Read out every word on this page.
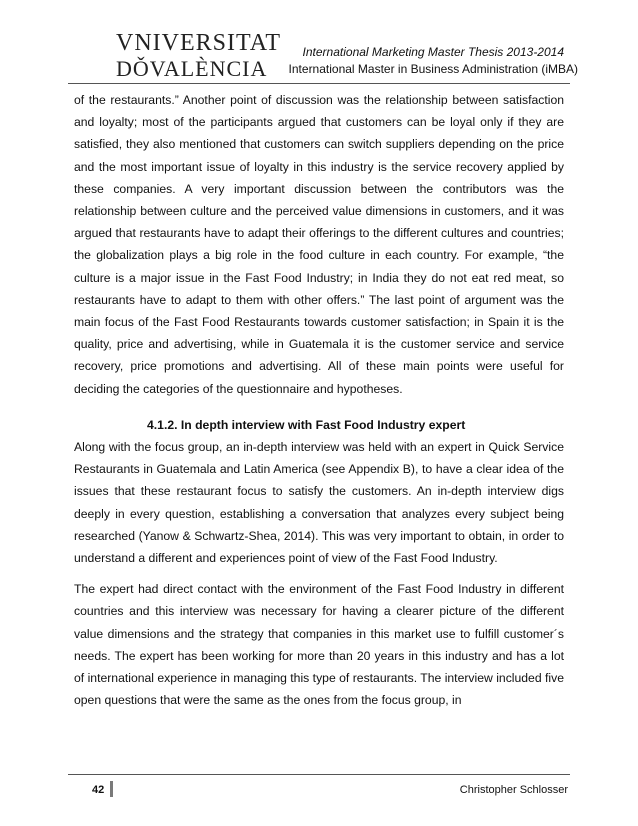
VNIVERSITAT
DǑVALÈNCIA
International Marketing Master Thesis 2013-2014
International Master in Business Administration (iMBA)

of the restaurants.” Another point of discussion was the relationship between satisfaction and loyalty; most of the participants argued that customers can be loyal only if they are satisfied, they also mentioned that customers can switch suppliers depending on the price and the most important issue of loyalty in this industry is the service recovery applied by these companies. A very important discussion between the contributors was the relationship between culture and the perceived value dimensions in customers, and it was argued that restaurants have to adapt their offerings to the different cultures and countries; the globalization plays a big role in the food culture in each country. For example, “the culture is a major issue in the Fast Food Industry; in India they do not eat red meat, so restaurants have to adapt to them with other offers.” The last point of argument was the main focus of the Fast Food Restaurants towards customer satisfaction; in Spain it is the quality, price and advertising, while in Guatemala it is the customer service and service recovery, price promotions and advertising. All of these main points were useful for deciding the categories of the questionnaire and hypotheses.

4.1.2. In depth interview with Fast Food Industry expert

Along with the focus group, an in-depth interview was held with an expert in Quick Service Restaurants in Guatemala and Latin America (see Appendix B), to have a clear idea of the issues that these restaurant focus to satisfy the customers. An in-depth interview digs deeply in every question, establishing a conversation that analyzes every subject being researched (Yanow & Schwartz-Shea, 2014). This was very important to obtain, in order to understand a different and experiences point of view of the Fast Food Industry.

The expert had direct contact with the environment of the Fast Food Industry in different countries and this interview was necessary for having a clearer picture of the different value dimensions and the strategy that companies in this market use to fulfill customer´s needs. The expert has been working for more than 20 years in this industry and has a lot of international experience in managing this type of restaurants. The interview included five open questions that were the same as the ones from the focus group, in

42	Christopher Schlosser
